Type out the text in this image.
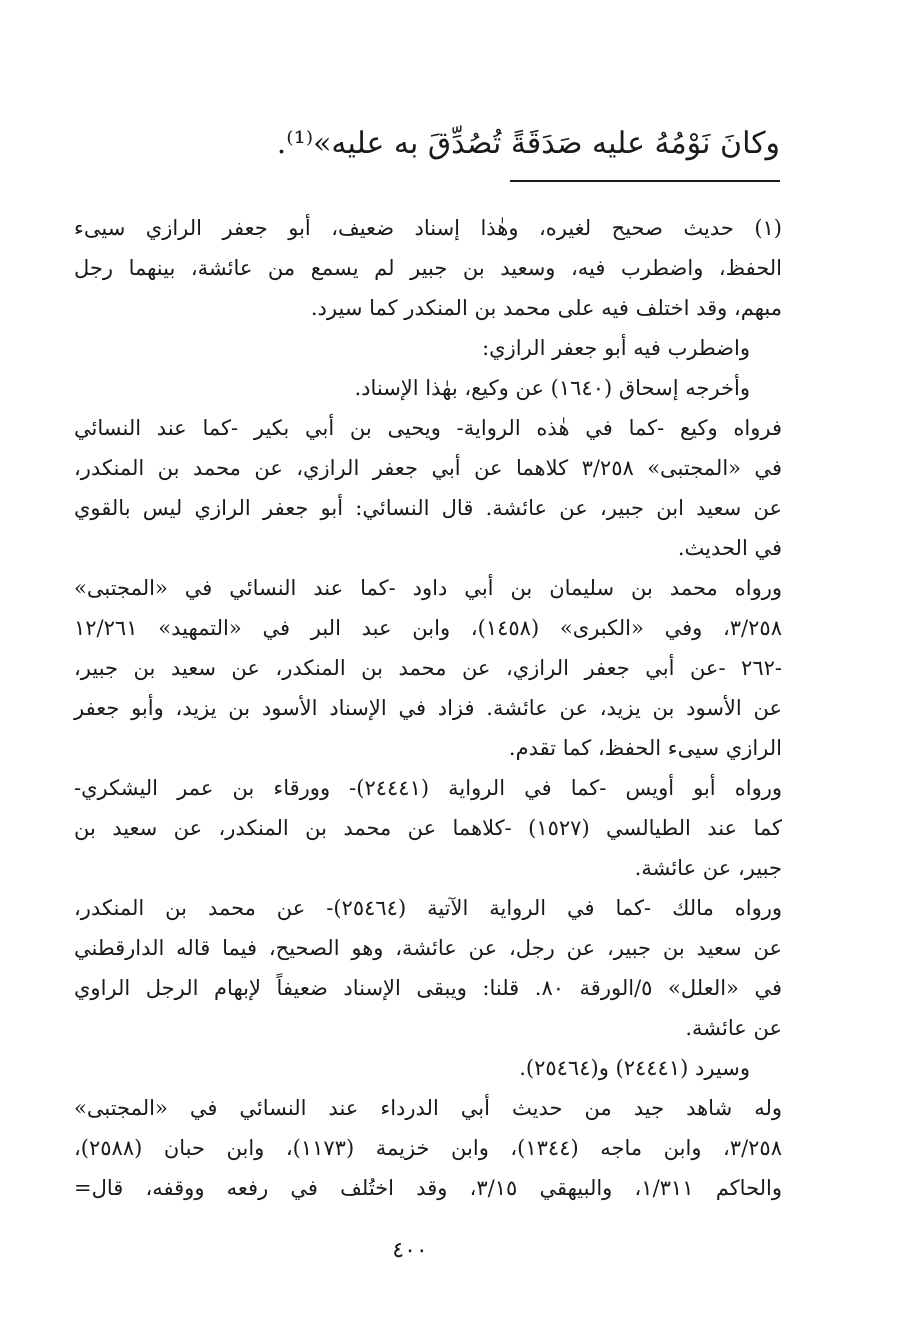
وكانَ نَوْمُهُ عليه صَدَقَةً تُصُدِّقَ به عليه»⁽¹⁾.
(١) حديث صحيح لغيره، وهٰذا إسناد ضعيف، أبو جعفر الرازي سيىء
الحفظ، واضطرب فيه، وسعيد بن جبير لم يسمع من عائشة، بينهما رجل
مبهم، وقد اختلف فيه على محمد بن المنكدر كما سيرد.
واضطرب فيه أبو جعفر الرازي:
وأخرجه إسحاق (١٦٤٠) عن وكيع، بهٰذا الإسناد.
فرواه وكيع -كما في هٰذه الرواية- ويحيى بن أبي بكير -كما عند النسائي
في «المجتبى» ٣/٢٥٨ كلاهما عن أبي جعفر الرازي، عن محمد بن المنكدر،
عن سعيد ابن جبير، عن عائشة. قال النسائي: أبو جعفر الرازي ليس بالقوي
في الحديث.
ورواه محمد بن سليمان بن أبي داود -كما عند النسائي في «المجتبى»
٣/٢٥٨، وفي «الكبرى» (١٤٥٨)، وابن عبد البر في «التمهيد» ١٢/٢٦١
-٢٦٢ -عن أبي جعفر الرازي، عن محمد بن المنكدر، عن سعيد بن جبير،
عن الأسود بن يزيد، عن عائشة. فزاد في الإسناد الأسود بن يزيد، وأبو جعفر
الرازي سيىء الحفظ، كما تقدم.
ورواه أبو أويس -كما في الرواية (٢٤٤٤١)- وورقاء بن عمر اليشكري-
كما عند الطيالسي (١٥٢٧) -كلاهما عن محمد بن المنكدر، عن سعيد بن
جبير، عن عائشة.
ورواه مالك -كما في الرواية الآتية (٢٥٤٦٤)- عن محمد بن المنكدر،
عن سعيد بن جبير، عن رجل، عن عائشة، وهو الصحيح، فيما قاله الدارقطني
في «العلل» ٥/الورقة ٨٠. قلنا: ويبقى الإسناد ضعيفاً لإبهام الرجل الراوي
عن عائشة.
وسيرد (٢٤٤٤١) و(٢٥٤٦٤).
وله شاهد جيد من حديث أبي الدرداء عند النسائي في «المجتبى»
٣/٢٥٨، وابن ماجه (١٣٤٤)، وابن خزيمة (١١٧٣)، وابن حبان (٢٥٨٨)،
والحاكم ١/٣١١، والبيهقي ٣/١٥، وقد اختُلف في رفعه ووقفه، قال=
٤٠٠
